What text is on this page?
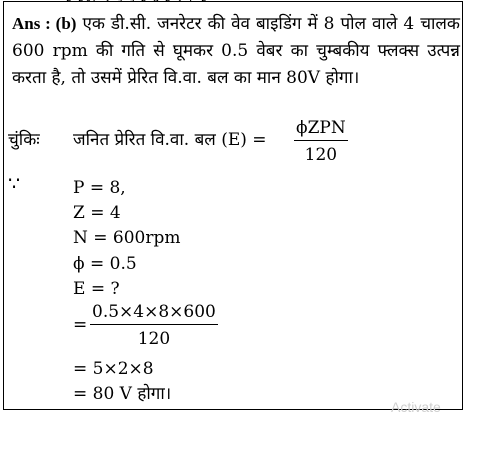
Ans : (b) एक डी.सी. जनरेटर की वेव बाइडिंग में 8 पोल वाले 4 चालक 600 rpm की गति से घूमकर 0.5 वेबर का चुम्बकीय फ्लक्स उत्पन्न करता है, तो उसमें प्रेरित वि.वा. बल का मान 80V होगा।
चुंकिः जनित प्रेरित वि.वा. बल $(E) = \frac{\text{ϕZPN}}{120}$
∵	P = 8,
Z = 4
N = 600rpm
ϕ = 0.5
E = ?
= $\frac{0.5\times 4\times 8\times 600}{120}$
= 5×2×8
= 80 V होगा।
Activate
